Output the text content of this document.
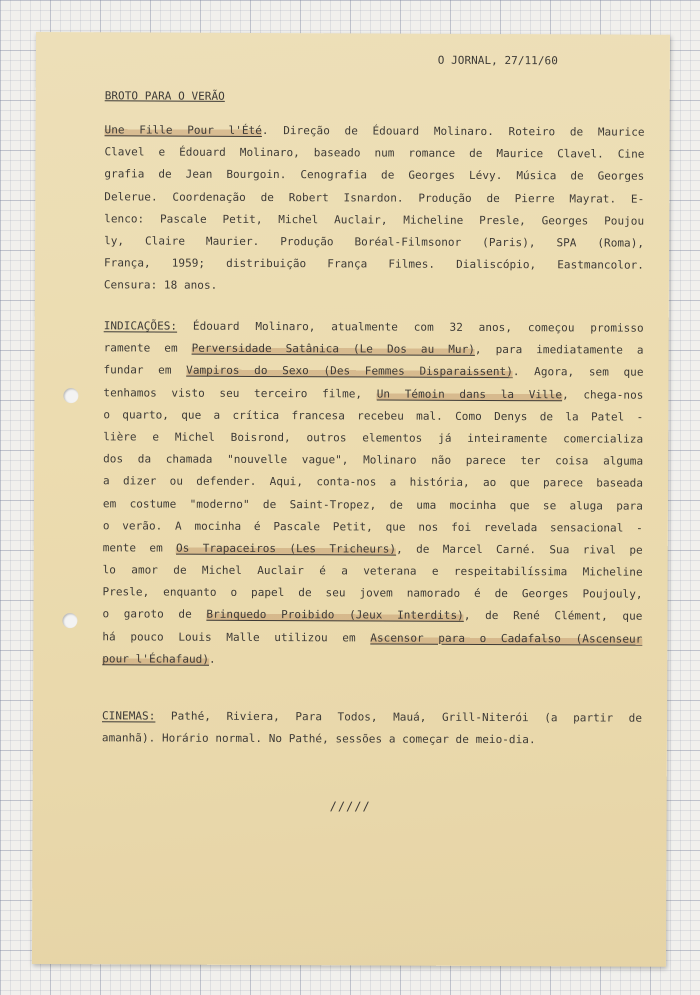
O JORNAL, 27/11/60
BROTO PARA O VERÃO
Une Fille Pour l'Été. Direção de Édouard Molinaro. Roteiro de Maurice
Clavel e Édouard Molinaro, baseado num romance de Maurice Clavel. Cine
grafia de Jean Bourgoin. Cenografia de Georges Lévy. Música de Georges
Delerue. Coordenação de Robert Isnardon. Produção de Pierre Mayrat. E-
lenco: Pascale Petit, Michel Auclair, Micheline Presle, Georges Poujou
ly, Claire Maurier. Produção Boréal-Filmsonor (Paris), SPA (Roma),
França, 1959; distribuição França Filmes. Dialiscópio, Eastmancolor.
Censura: 18 anos.
INDICAÇÕES: Édouard Molinaro, atualmente com 32 anos, começou promisso
ramente em Perversidade Satânica (Le Dos au Mur), para imediatamente a
fundar em Vampiros do Sexo (Des Femmes Disparaissent). Agora, sem que
tenhamos visto seu terceiro filme, Un Témoin dans la Ville, chega-nos
o quarto, que a crítica francesa recebeu mal. Como Denys de la Patel -
lière e Michel Boisrond, outros elementos já inteiramente comercializa
dos da chamada "nouvelle vague", Molinaro não parece ter coisa alguma
a dizer ou defender. Aqui, conta-nos a história, ao que parece baseada
em costume "moderno" de Saint-Tropez, de uma mocinha que se aluga para
o verão. A mocinha é Pascale Petit, que nos foi revelada sensacional -
mente em Os Trapaceiros (Les Tricheurs), de Marcel Carné. Sua rival pe
lo amor de Michel Auclair é a veterana e respeitabilíssima Micheline
Presle, enquanto o papel de seu jovem namorado é de Georges Poujouly,
o garoto de Brinquedo Proibido (Jeux Interdits), de René Clément, que
há pouco Louis Malle utilizou em Ascensor para o Cadafalso (Ascenseur
pour l'Échafaud).
CINEMAS: Pathé, Riviera, Para Todos, Mauá, Grill-Niterói (a partir de
amanhã). Horário normal. No Pathé, sessões a começar de meio-dia.
/////
